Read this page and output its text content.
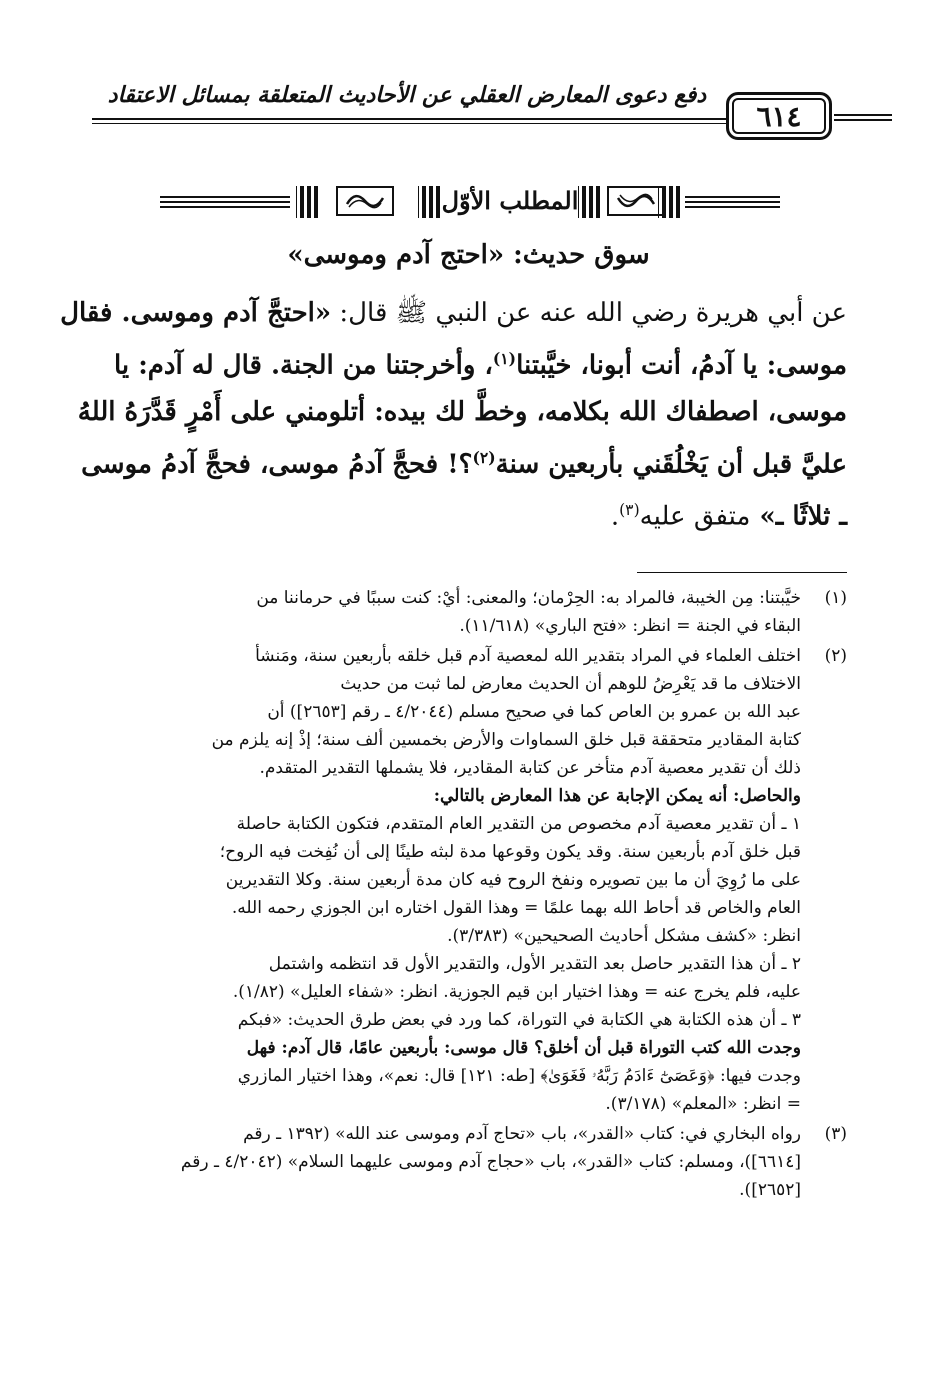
دفع دعوى المعارض العقلي عن الأحاديث المتعلقة بمسائل الاعتقاد
٦١٤
المطلب الأوّل
سوق حديث: «احتج آدم وموسى»
عن أبي هريرة رضي الله عنه عن النبي ﷺ قال: «احتجَّ آدم وموسى. فقال
موسى: يا آدمُ، أنت أبونا، خيَّبتنا$^{(١)}$، وأخرجتنا من الجنة. قال له آدم: يا
موسى، اصطفاك الله بكلامه، وخطَّ لك بيده: أتلومني على أَمْرٍ قَدَّرَهُ اللهُ
عليَّ قبل أن يَخْلُقَني بأربعين سنة$^{(٢)}$؟! فحجَّ آدمُ موسى، فحجَّ آدمُ موسى
ـ ثلاثًا ـ» متفق عليه$^{(٣)}$.
(١)
خيَّبتنا: مِن الخيبة، فالمراد به: الحِرْمان؛ والمعنى: أيْ: كنت سببًا في حرماننا من
البقاء في الجنة = انظر: «فتح الباري» (١١/٦١٨).
(٢)
اختلف العلماء في المراد بتقدير الله لمعصية آدم قبل خلقه بأربعين سنة، ومَنشأ
الاختلاف ما قد يَعْرِضُ للوهم أن الحديث معارض لما ثبت من حديث
عبد الله بن عمرو بن العاص كما في صحيح مسلم (٤/٢٠٤٤ ـ رقم [٢٦٥٣]) أن
كتابة المقادير متحققة قبل خلق السماوات والأرض بخمسين ألف سنة؛ إذْ إنه يلزم من
ذلك أن تقدير معصية آدم متأخر عن كتابة المقادير، فلا يشملها التقدير المتقدم.
والحاصل: أنه يمكن الإجابة عن هذا المعارض بالتالي:
١ ـ أن تقدير معصية آدم مخصوص من التقدير العام المتقدم، فتكون الكتابة حاصلة
قبل خلق آدم بأربعين سنة. وقد يكون وقوعها مدة لبثه طينًا إلى أن نُفِخت فيه الروح؛
على ما رُوِيَ أن ما بين تصويره ونفخ الروح فيه كان مدة أربعين سنة. وكلا التقديرين
العام والخاص قد أحاط الله بهما علمًا = وهذا القول اختاره ابن الجوزي رحمه الله.
انظر: «كشف مشكل أحاديث الصحيحين» (٣/٣٨٣).
٢ ـ أن هذا التقدير حاصل بعد التقدير الأول، والتقدير الأول قد انتظمه واشتمل
عليه، فلم يخرج عنه = وهذا اختيار ابن قيم الجوزية. انظر: «شفاء العليل» (١/٨٢).
٣ ـ أن هذه الكتابة هي الكتابة في التوراة، كما ورد في بعض طرق الحديث: «فبكم
وجدت الله كتب التوراة قبل أن أخلق؟ قال موسى: بأربعين عامًا، قال آدم: فهل
وجدت فيها: ﴿وَعَصَىٰٓ ءَادَمُ رَبَّهُۥ فَغَوَىٰ﴾ [طه: ١٢١] قال: نعم»، وهذا اختيار المازري
= انظر: «المعلم» (٣/١٧٨).
(٣)
رواه البخاري في: كتاب «القدر»، باب «تحاج آدم وموسى عند الله» (١٣٩٢ ـ رقم
[٦٦١٤])، ومسلم: كتاب «القدر»، باب «حجاج آدم وموسى عليهما السلام» (٤/٢٠٤٢ ـ رقم
[٢٦٥٢]).
